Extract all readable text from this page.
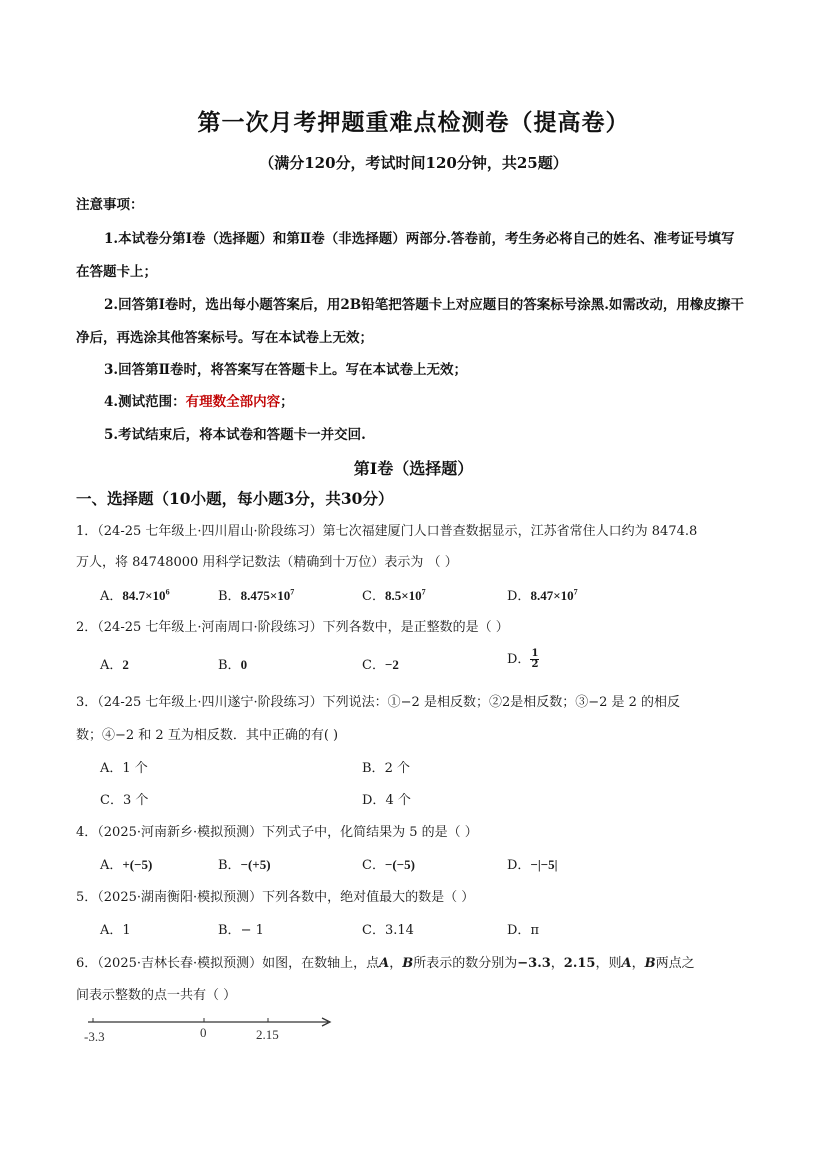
第一次月考押题重难点检测卷（提高卷）
（满分120分，考试时间120分钟，共25题）
注意事项：
1.本试卷分第Ⅰ卷（选择题）和第Ⅱ卷（非选择题）两部分.答卷前，考生务必将自己的姓名、准考证号填写
在答题卡上；
2.回答第Ⅰ卷时，选出每小题答案后，用2B铅笔把答题卡上对应题目的答案标号涂黑.如需改动，用橡皮擦干
净后，再选涂其他答案标号。写在本试卷上无效；
3.回答第Ⅱ卷时，将答案写在答题卡上。写在本试卷上无效；
4.测试范围：有理数全部内容；
5.考试结束后，将本试卷和答题卡一并交回.
第Ⅰ卷（选择题）
一、选择题（10小题，每小题3分，共30分）
1．（24-25 七年级上·四川眉山·阶段练习）第七次福建厦门人口普查数据显示，江苏省常住人口约为 8474.8
万人，将 84748000 用科学记数法（精确到十万位）表示为 （ ）
A．$84.7\times 10^6$	B．$8.475\times 10^7$	C．$8.5\times 10^7$	D．$8.47\times 10^7$
2．（24-25 七年级上·河南周口·阶段练习）下列各数中，是正整数的是（ ）
A．2	B．0	C．−2	D． $\frac{1}{2}$
3．（24-25 七年级上·四川遂宁·阶段练习）下列说法：①−2 是相反数；②2是相反数；③−2 是 2 的相反
数；④−2 和 2 互为相反数．其中正确的有( )
A．1 个	B．2 个
C．3 个	D．4 个
4．（2025·河南新乡·模拟预测）下列式子中，化简结果为 5 的是（ ）
A．+(−5)	B．−(+5)	C．−(−5)	D．−|−5|
5．（2025·湖南衡阳·模拟预测）下列各数中，绝对值最大的数是（ ）
A．1	B．− 1	C．3.14	D．π
6．（2025·吉林长春·模拟预测）如图，在数轴上，点A，B所表示的数分别为−3.3，2.15，则A，B两点之
间表示整数的点一共有（ ）
-3.3	0	2.15
